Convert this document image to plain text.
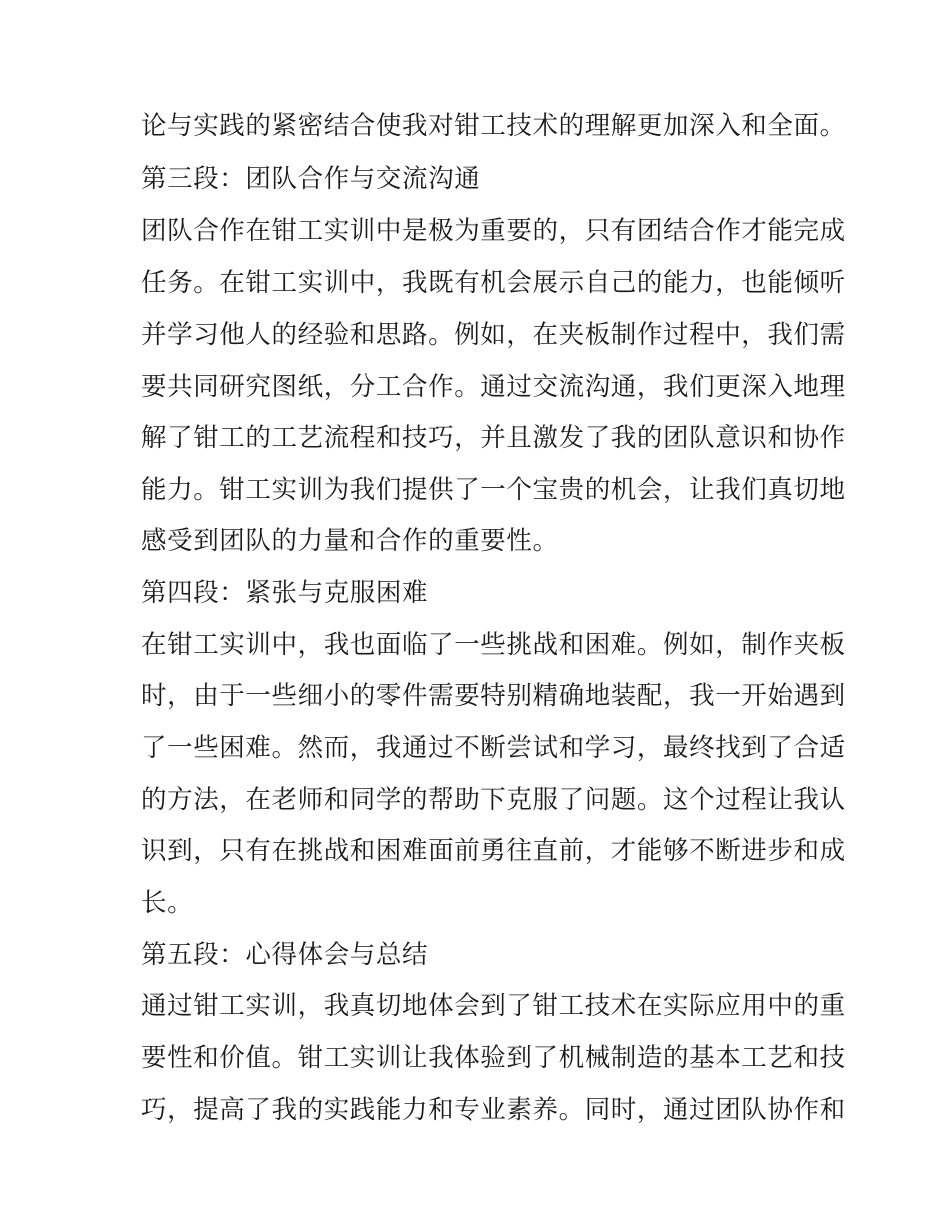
论与实践的紧密结合使我对钳工技术的理解更加深入和全面。
第三段：团队合作与交流沟通
团队合作在钳工实训中是极为重要的，只有团结合作才能完成
任务。在钳工实训中，我既有机会展示自己的能力，也能倾听
并学习他人的经验和思路。例如，在夹板制作过程中，我们需
要共同研究图纸，分工合作。通过交流沟通，我们更深入地理
解了钳工的工艺流程和技巧，并且激发了我的团队意识和协作
能力。钳工实训为我们提供了一个宝贵的机会，让我们真切地
感受到团队的力量和合作的重要性。
第四段：紧张与克服困难
在钳工实训中，我也面临了一些挑战和困难。例如，制作夹板
时，由于一些细小的零件需要特别精确地装配，我一开始遇到
了一些困难。然而，我通过不断尝试和学习，最终找到了合适
的方法，在老师和同学的帮助下克服了问题。这个过程让我认
识到，只有在挑战和困难面前勇往直前，才能够不断进步和成
长。
第五段：心得体会与总结
通过钳工实训，我真切地体会到了钳工技术在实际应用中的重
要性和价值。钳工实训让我体验到了机械制造的基本工艺和技
巧，提高了我的实践能力和专业素养。同时，通过团队协作和
